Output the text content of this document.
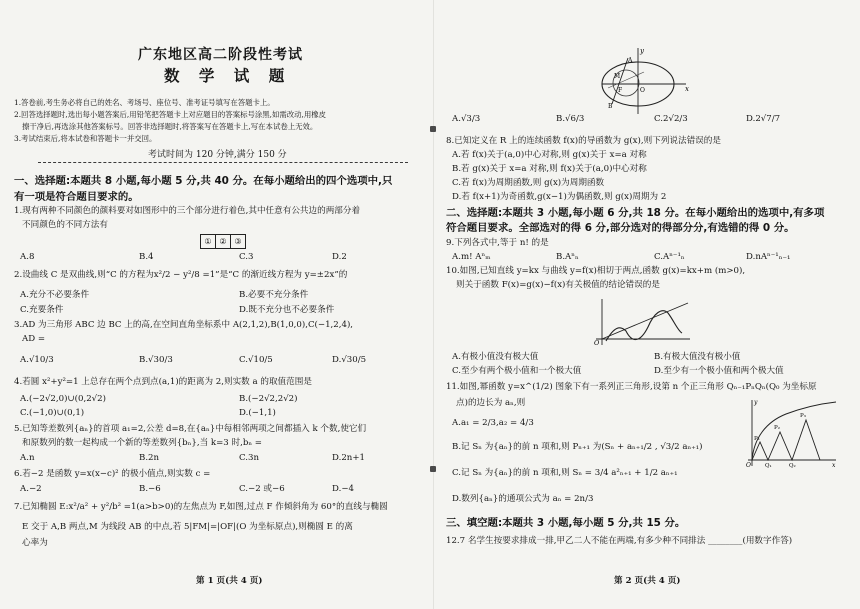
广东地区高二阶段性考试
数 学 试 题
1.答卷前,考生务必将自己的姓名、考场号、座位号、准考证号填写在答题卡上。
2.回答选择题时,选出每小题答案后,用铅笔把答题卡上对应题目的答案标号涂黑,如需改动,用橡皮
擦干净后,再选涂其他答案标号。回答非选择题时,将答案写在答题卡上,写在本试卷上无效。
3.考试结束后,将本试卷和答题卡一并交回。
考试时间为 120 分钟,满分 150 分
一、选择题:本题共 8 小题,每小题 5 分,共 40 分。在每小题给出的四个选项中,只
有一项是符合题目要求的。
1.现有两种不同颜色的颜料要对如图形中的三个部分进行着色,其中任意有公共边的两部分着
不同颜色的不同方法有
① ② ③
A.8	B.4	C.3	D.2
2.设曲线 C 是双曲线,则“C 的方程为x²/2 − y²/8 =1”是“C 的渐近线方程为 y=±2x”的
A.充分不必要条件	B.必要不充分条件
C.充要条件	D.既不充分也不必要条件
3.AD 为三角形 ABC 边 BC 上的高,在空间直角坐标系中 A(2,1,2),B(1,0,0),C(−1,2,4),
AD =
A.√10/3	B.√30/3	C.√10/5	D.√30/5
4.若圆 x²+y²=1 上总存在两个点到点(a,1)的距离为 2,则实数 a 的取值范围是
A.(−2√2,0)∪(0,2√2)	B.(−2√2,2√2)
C.(−1,0)∪(0,1)	D.(−1,1)
5.已知等差数列{aₙ}的首项 a₁=2,公差 d=8,在{aₙ}中每相邻两项之间都插入 k 个数,使它们
和原数列的数一起构成一个新的等差数列{bₙ},当 k=3 时,bₙ =
A.n	B.2n	C.3n	D.2n+1
6.若−2 是函数 y=x(x−c)² 的极小值点,则实数 c =
A.−2	B.−6	C.−2 或−6	D.−4
7.已知椭圆 E:x²/a² + y²/b² =1(a>b>0)的左焦点为 F,如图,过点 F 作倾斜角为 60°的直线与椭圆
E 交于 A,B 两点,M 为线段 AB 的中点,若 5|FM|=|OF|(O 为坐标原点),则椭圆 E 的离
心率为
第 1 页(共 4 页)
x
y
O
A
M
F
B
A.√3/3	B.√6/3	C.2√2/3	D.2√7/7
8.已知定义在 R 上的连续函数 f(x)的导函数为 g(x),则下列说法错误的是
A.若 f(x)关于(a,0)中心对称,则 g(x)关于 x=a 对称
B.若 g(x)关于 x=a 对称,则 f(x)关于(a,0)中心对称
C.若 f(x)为周期函数,则 g(x)为周期函数
D.若 f(x+1)为奇函数,g(x−1)为偶函数,则 g(x)周期为 2
二、选择题:本题共 3 小题,每小题 6 分,共 18 分。在每小题给出的选项中,有多项
符合题目要求。全部选对的得 6 分,部分选对的得部分分,有选错的得 0 分。
9.下列各式中,等于 n! 的是
A.m! Aⁿₘ	B.Aⁿₙ	C.Aⁿ⁻¹ₙ	D.nAⁿ⁻¹ₙ₋₁
10.如图,已知直线 y=kx 与曲线 y=f(x)相切于两点,函数 g(x)=kx+m (m>0),
则关于函数 F(x)=g(x)−f(x)有关极值的结论错误的是
O
A.有极小值没有极大值	B.有极大值没有极小值
C.至少有两个极小值和一个极大值	D.至少有一个极小值和两个极大值
11.如图,幂函数 y=x^(1/2) 图象下有一系列正三角形,设第 n 个正三角形 Qₙ₋₁PₙQₙ(Q₀ 为坐标原
点)的边长为 aₙ,则
A.a₁ = 2/3,a₂ = 4/3
B.记 Sₙ 为{aₙ}的前 n 项和,则 Pₙ₊₁ 为(Sₙ + aₙ₊₁/2 , √3/2 aₙ₊₁)
C.记 Sₙ 为{aₙ}的前 n 项和,则 Sₙ = 3/4 a²ₙ₊₁ + 1/2 aₙ₊₁
D.数列{aₙ}的通项公式为 aₙ = 2n/3
O	x
y
P₁
P₂
P₃
Q₁	Q₂
三、填空题:本题共 3 小题,每小题 5 分,共 15 分。
12.7 名学生按要求排成一排,甲乙二人不能在两端,有多少种不同排法 ________(用数字作答)
第 2 页(共 4 页)
